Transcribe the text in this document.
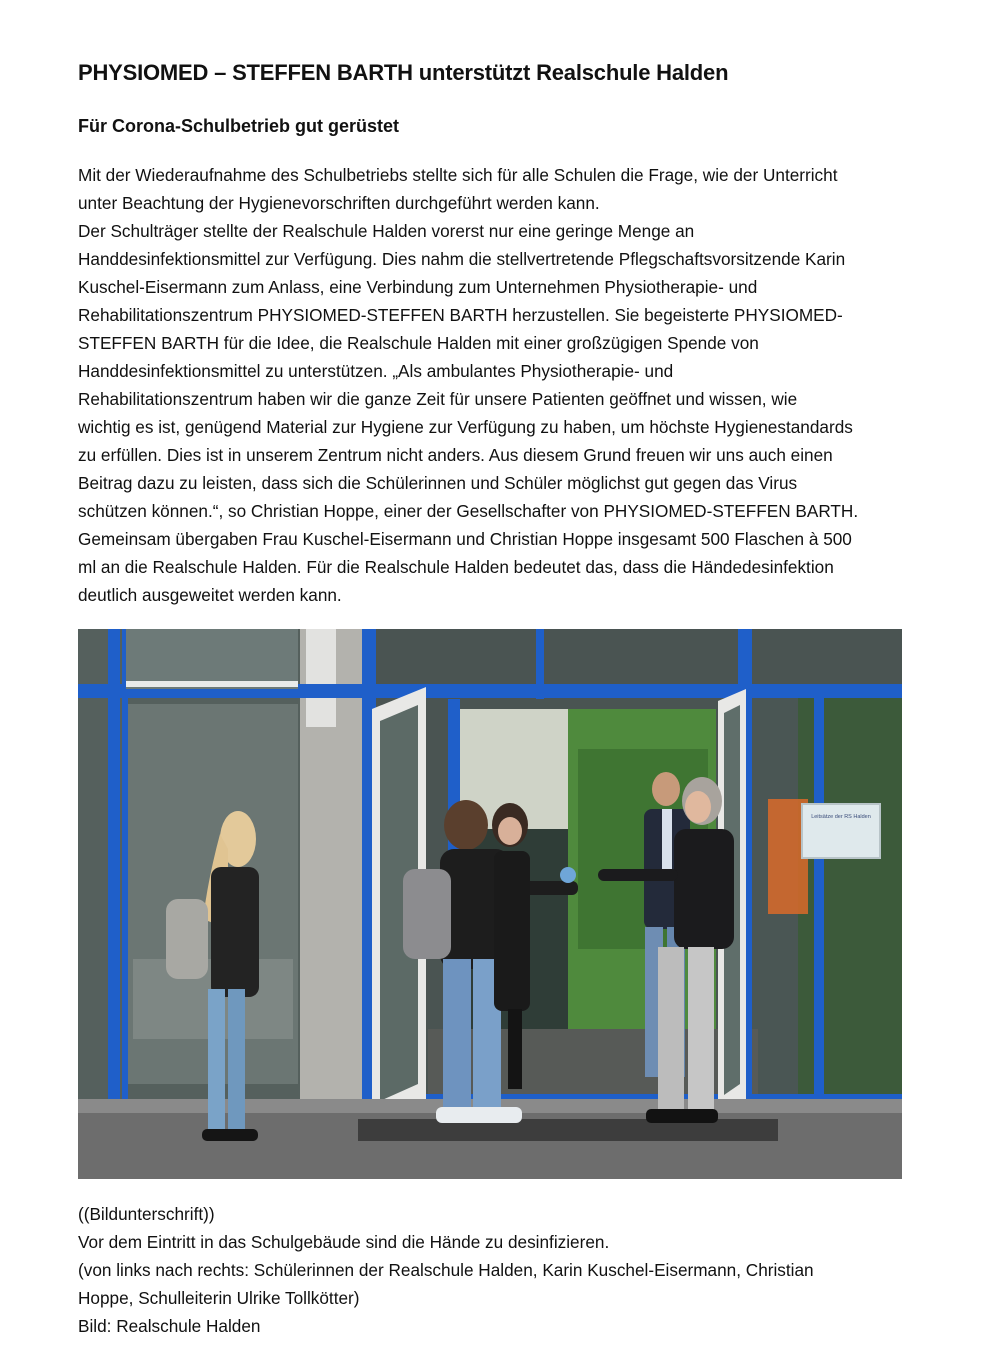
PHYSIOMED – STEFFEN BARTH unterstützt Realschule Halden
Für Corona-Schulbetrieb gut gerüstet

Mit der Wiederaufnahme des Schulbetriebs stellte sich für alle Schulen die Frage, wie der Unterricht

unter Beachtung der Hygienevorschriften durchgeführt werden kann.

Der Schulträger stellte der Realschule Halden vorerst nur eine geringe Menge an

Handdesinfektionsmittel zur Verfügung. Dies nahm die stellvertretende Pflegschaftsvorsitzende Karin

Kuschel-Eisermann zum Anlass, eine Verbindung zum Unternehmen Physiotherapie- und

Rehabilitationszentrum PHYSIOMED-STEFFEN BARTH herzustellen. Sie begeisterte PHYSIOMED-

STEFFEN BARTH für die Idee, die Realschule Halden mit einer großzügigen Spende von

Handdesinfektionsmittel zu unterstützen. „Als ambulantes Physiotherapie- und

Rehabilitationszentrum haben wir die ganze Zeit für unsere Patienten geöffnet und wissen, wie

wichtig es ist, genügend Material zur Hygiene zur Verfügung zu haben, um höchste Hygienestandards

zu erfüllen. Dies ist in unserem Zentrum nicht anders. Aus diesem Grund freuen wir uns auch einen

Beitrag dazu zu leisten, dass sich die Schülerinnen und Schüler möglichst gut gegen das Virus

schützen können.“, so Christian Hoppe, einer der Gesellschafter von PHYSIOMED-STEFFEN BARTH.

Gemeinsam übergaben Frau Kuschel-Eisermann und Christian Hoppe insgesamt 500 Flaschen à 500

ml an die Realschule Halden. Für die Realschule Halden bedeutet das, dass die Händedesinfektion

deutlich ausgeweitet werden kann.

Leitsätze der RS Halden

((Bildunterschrift))

Vor dem Eintritt in das Schulgebäude sind die Hände zu desinfizieren.

(von links nach rechts: Schülerinnen der Realschule Halden, Karin Kuschel-Eisermann, Christian

Hoppe, Schulleiterin Ulrike Tollkötter)

Bild: Realschule Halden
